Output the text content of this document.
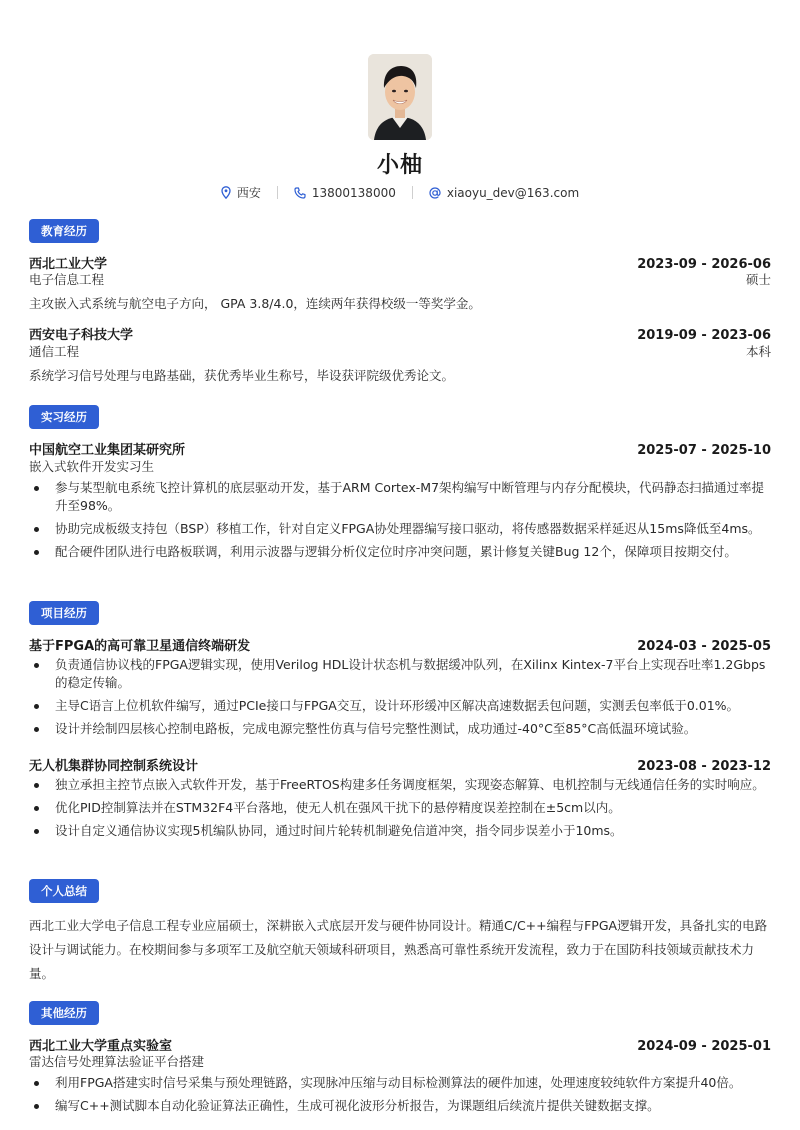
小柚
西安	13800138000	xiaoyu_dev@163.com
教育经历
西北工业大学	2023-09 - 2026-06
电子信息工程	硕士
主攻嵌入式系统与航空电子方向， GPA 3.8/4.0，连续两年获得校级一等奖学金。
西安电子科技大学	2019-09 - 2023-06
通信工程	本科
系统学习信号处理与电路基础，获优秀毕业生称号，毕设获评院级优秀论文。
实习经历
中国航空工业集团某研究所	2025-07 - 2025-10
嵌入式软件开发实习生
参与某型航电系统飞控计算机的底层驱动开发，基于ARM Cortex-M7架构编写中断管理与内存分配模块，代码静态扫描通过率提升至98%。
协助完成板级支持包（BSP）移植工作，针对自定义FPGA协处理器编写接口驱动，将传感器数据采样延迟从15ms降低至4ms。
配合硬件团队进行电路板联调，利用示波器与逻辑分析仪定位时序冲突问题，累计修复关键Bug 12个，保障项目按期交付。
项目经历
基于FPGA的高可靠卫星通信终端研发	2024-03 - 2025-05
负责通信协议栈的FPGA逻辑实现，使用Verilog HDL设计状态机与数据缓冲队列，在Xilinx Kintex-7平台上实现吞吐率1.2Gbps的稳定传输。
主导C语言上位机软件编写，通过PCIe接口与FPGA交互，设计环形缓冲区解决高速数据丢包问题，实测丢包率低于0.01%。
设计并绘制四层核心控制电路板，完成电源完整性仿真与信号完整性测试，成功通过-40°C至85°C高低温环境试验。
无人机集群协同控制系统设计	2023-08 - 2023-12
独立承担主控节点嵌入式软件开发，基于FreeRTOS构建多任务调度框架，实现姿态解算、电机控制与无线通信任务的实时响应。
优化PID控制算法并在STM32F4平台落地，使无人机在强风干扰下的悬停精度误差控制在±5cm以内。
设计自定义通信协议实现5机编队协同，通过时间片轮转机制避免信道冲突，指令同步误差小于10ms。
个人总结
西北工业大学电子信息工程专业应届硕士，深耕嵌入式底层开发与硬件协同设计。精通C/C++编程与FPGA逻辑开发，具备扎实的电路设计与调试能力。在校期间参与多项军工及航空航天领域科研项目，熟悉高可靠性系统开发流程，致力于在国防科技领域贡献技术力量。
其他经历
西北工业大学重点实验室	2024-09 - 2025-01
雷达信号处理算法验证平台搭建
利用FPGA搭建实时信号采集与预处理链路，实现脉冲压缩与动目标检测算法的硬件加速，处理速度较纯软件方案提升40倍。
编写C++测试脚本自动化验证算法正确性，生成可视化波形分析报告，为课题组后续流片提供关键数据支撑。
